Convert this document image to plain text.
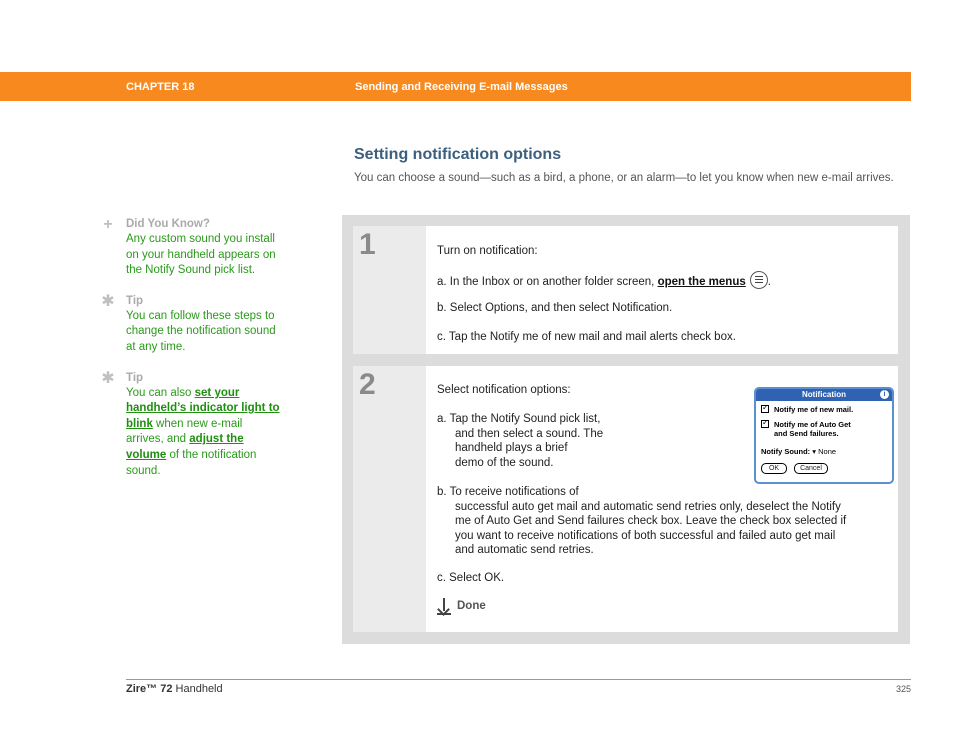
CHAPTER 18	Sending and Receiving E-mail Messages
Setting notification options

You can choose a sound—such as a bird, a phone, or an alarm—to let you know when new e-mail arrives.

+ Did You Know?
Any custom sound you install on your handheld appears on the Notify Sound pick list.
✱ Tip
You can follow these steps to change the notification sound at any time.
✱ Tip
You can also set your handheld’s indicator light to blink when new e-mail arrives, and adjust the volume of the notification sound.
1	Turn on notification:
a. In the Inbox or on another folder screen, open the menus .
b. Select Options, and then select Notification.
c. Tap the Notify me of new mail and mail alerts check box.
2	Select notification options:
a. Tap the Notify Sound pick list,
and then select a sound. The
handheld plays a brief
demo of the sound.
b. To receive notifications of
successful auto get mail and automatic send retries only, deselect the Notify
me of Auto Get and Send failures check box. Leave the check box selected if
you want to receive notifications of both successful and failed auto get mail
and automatic send retries.
c. Select OK.
Done
Notification	i
✓Notify me of new mail.
✓Notify me of Auto Get
and Send failures.
Notify Sound: ▾ None
OK	Cancel
Zire™ 72 Handheld	325
